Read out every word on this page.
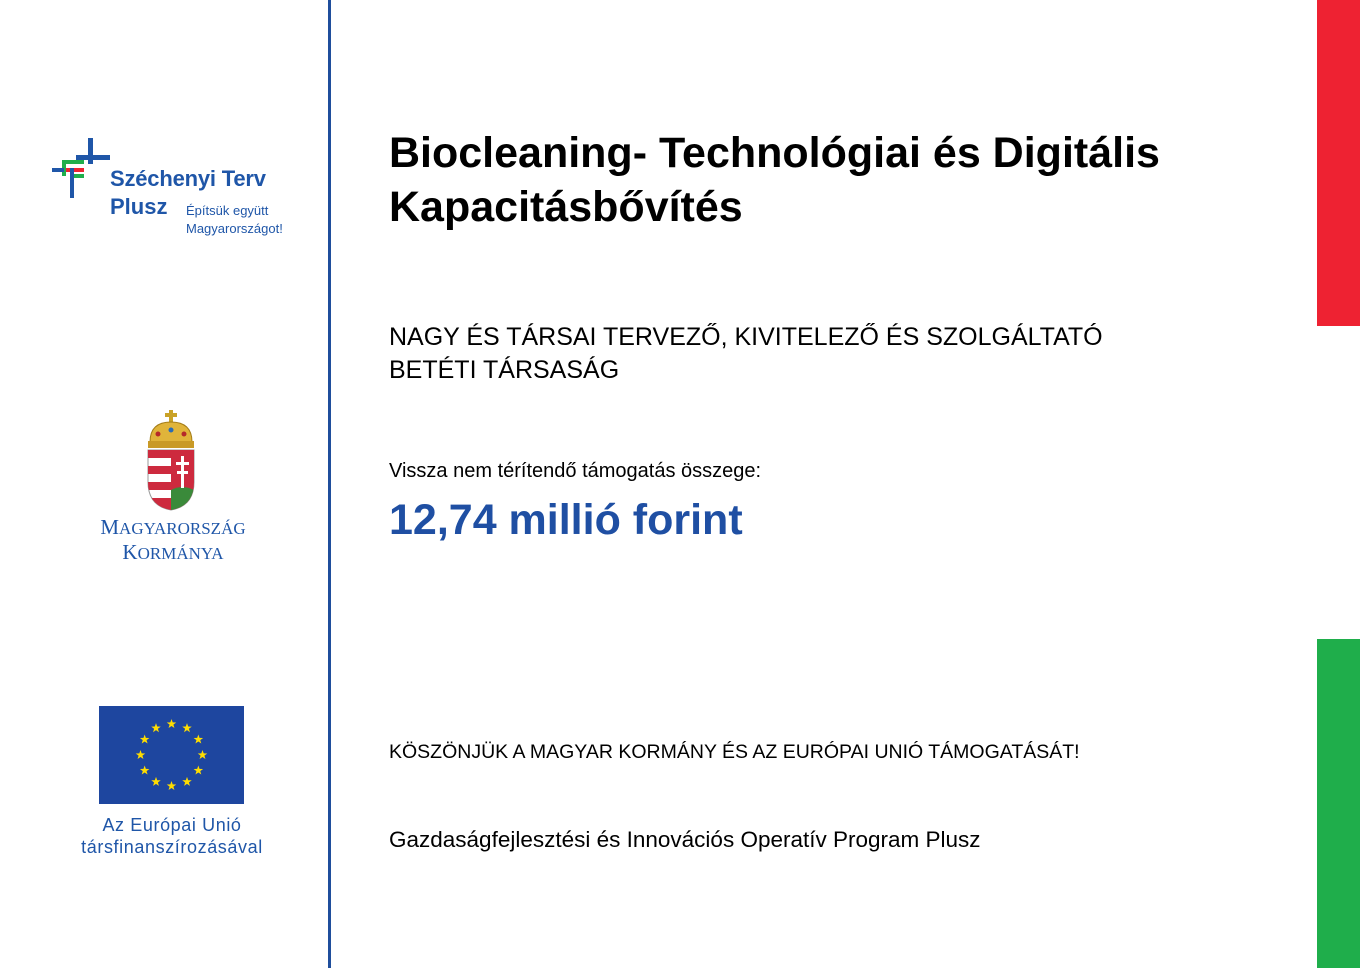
Széchenyi Terv
Plusz Építsük együtt
Magyarországot!
MAGYARORSZÁG
KORMÁNYA
Az Európai Unió
társfinanszírozásával
Biocleaning- Technológiai és Digitális
Kapacitásbővítés
NAGY ÉS TÁRSAI TERVEZŐ, KIVITELEZŐ ÉS SZOLGÁLTATÓ
BETÉTI TÁRSASÁG
Vissza nem térítendő támogatás összege:
12,74 millió forint
KÖSZÖNJÜK A MAGYAR KORMÁNY ÉS AZ EURÓPAI UNIÓ TÁMOGATÁSÁT!
Gazdaságfejlesztési és Innovációs Operatív Program Plusz
